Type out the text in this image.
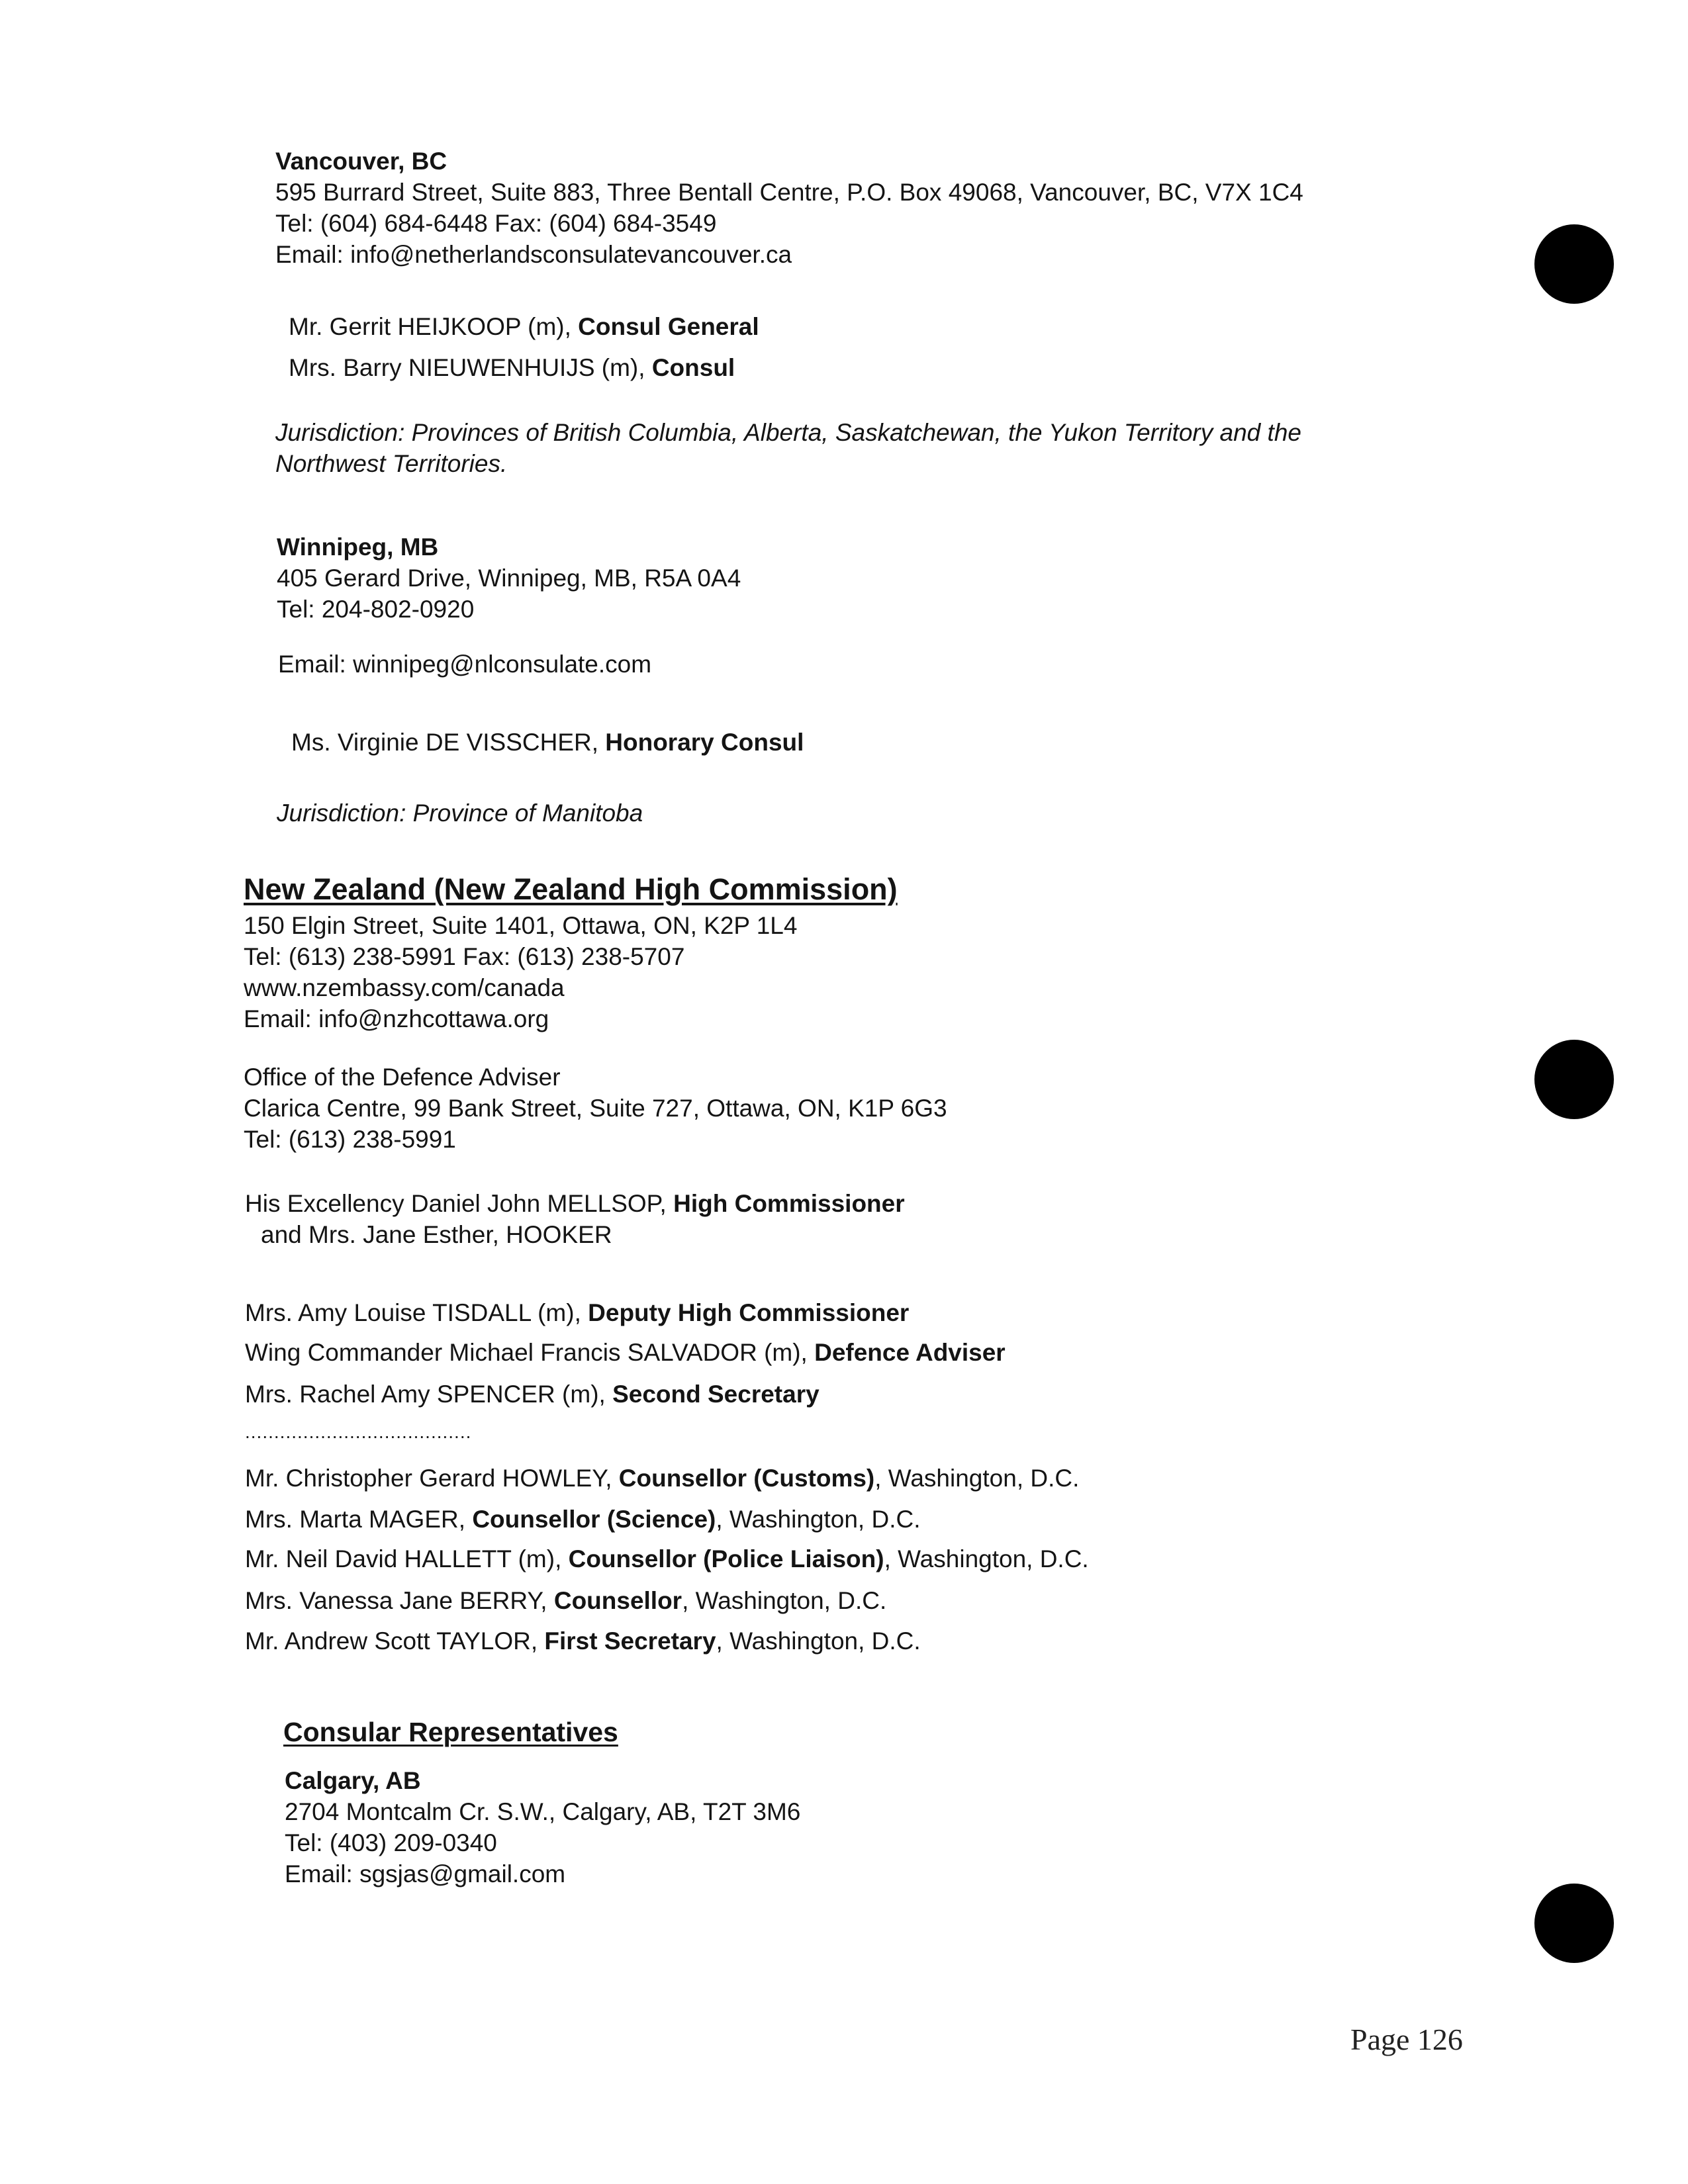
Vancouver, BC
595 Burrard Street, Suite 883, Three Bentall Centre, P.O. Box 49068, Vancouver, BC, V7X 1C4
Tel: (604) 684-6448 Fax: (604) 684-3549
Email: info@netherlandsconsulatevancouver.ca
Mr. Gerrit HEIJKOOP (m), Consul General
Mrs. Barry NIEUWENHUIJS (m), Consul
Jurisdiction: Provinces of British Columbia, Alberta, Saskatchewan, the Yukon Territory and the
Northwest Territories.
Winnipeg, MB
405 Gerard Drive, Winnipeg, MB, R5A 0A4
Tel: 204-802-0920
Email: winnipeg@nlconsulate.com
Ms. Virginie DE VISSCHER, Honorary Consul
Jurisdiction: Province of Manitoba
New Zealand (New Zealand High Commission)
150 Elgin Street, Suite 1401, Ottawa, ON, K2P 1L4
Tel: (613) 238-5991 Fax: (613) 238-5707
www.nzembassy.com/canada
Email: info@nzhcottawa.org
Office of the Defence Adviser
Clarica Centre, 99 Bank Street, Suite 727, Ottawa, ON, K1P 6G3
Tel: (613) 238-5991
His Excellency Daniel John MELLSOP, High Commissioner
and Mrs. Jane Esther, HOOKER
Mrs. Amy Louise TISDALL (m), Deputy High Commissioner
Wing Commander Michael Francis SALVADOR (m), Defence Adviser
Mrs. Rachel Amy SPENCER (m), Second Secretary
.......................................
Mr. Christopher Gerard HOWLEY, Counsellor (Customs), Washington, D.C.
Mrs. Marta MAGER, Counsellor (Science), Washington, D.C.
Mr. Neil David HALLETT (m), Counsellor (Police Liaison), Washington, D.C.
Mrs. Vanessa Jane BERRY, Counsellor, Washington, D.C.
Mr. Andrew Scott TAYLOR, First Secretary, Washington, D.C.
Consular Representatives
Calgary, AB
2704 Montcalm Cr. S.W., Calgary, AB, T2T 3M6
Tel: (403) 209-0340
Email: sgsjas@gmail.com
Page 126
